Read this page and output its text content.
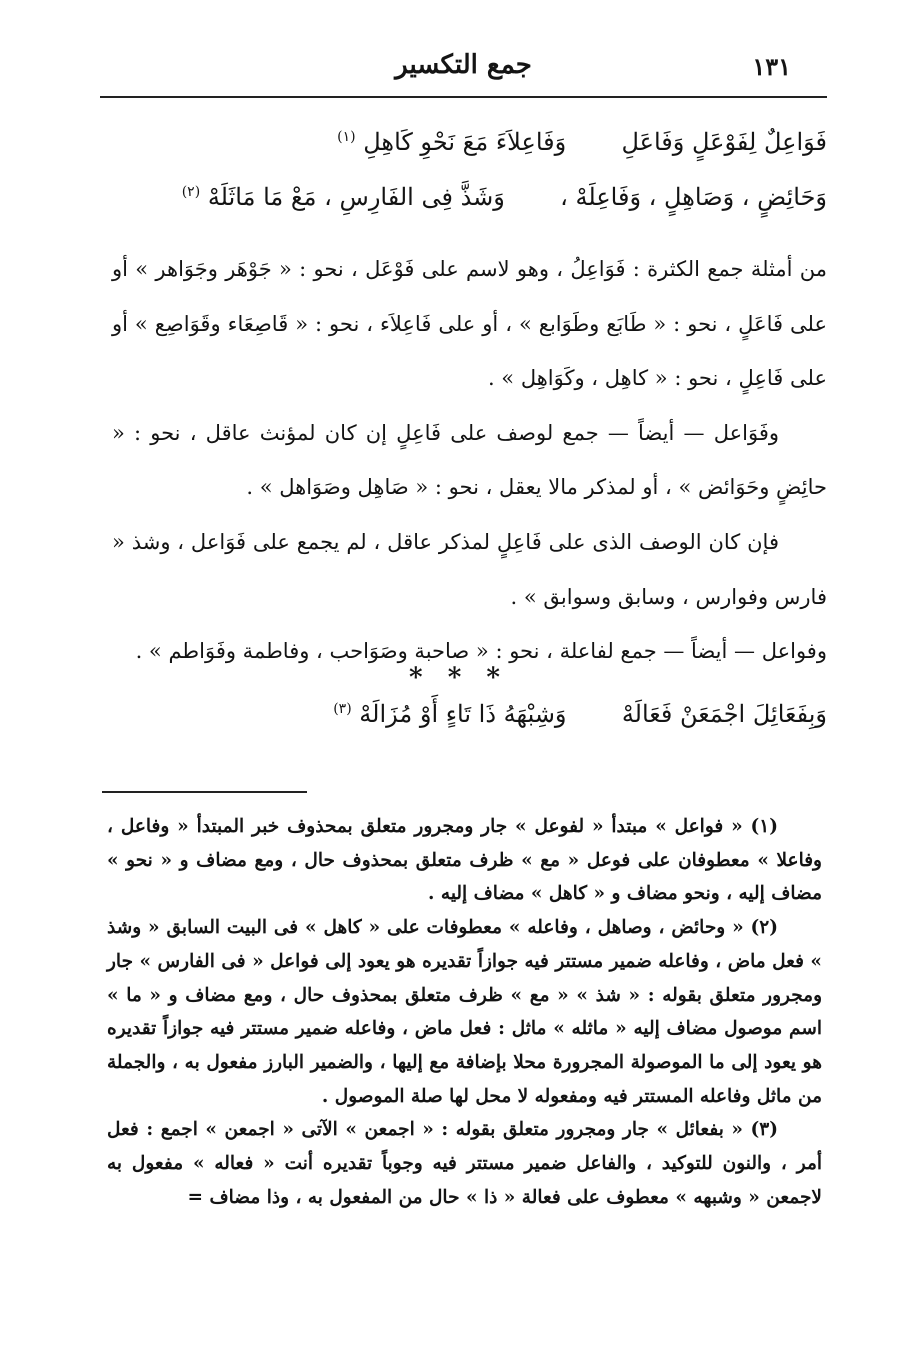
١٣١
جمع التكسير
فَوَاعِلٌ لِفَوْعَلٍ وَفَاعَلِ  وَفَاعِلاَءَ مَعَ نَحْوِ كَاهِلِ $^{(١)}$
وَحَائِضٍ ، وَصَاهِلٍ ، وَفَاعِلَهْ ،  وَشَذَّ فِى الفَارِسِ ، مَعْ مَا مَاثَلَهْ $^{(٢)}$

من أمثلة جمع الكثرة : فَوَاعِلُ ، وهو لاسم على فَوْعَل ، نحو : « جَوْهَر وجَوَاهر » أو على فَاعَلٍ ، نحو : « طَابَع وطَوَابع » ، أو على فَاعِلاَء ، نحو : « قَاصِعَاء وقَوَاصِع » أو على فَاعِلٍ ، نحو : « كاهِل ، وكَوَاهِل » .

وفَوَاعل — أيضاً — جمع لوصف على فَاعِلٍ إن كان لمؤنث عاقل ، نحو : « حائِضٍ وحَوَائض » ، أو لمذكر مالا يعقل ، نحو : « صَاهِل وصَوَاهل » .

فإن كان الوصف الذى على فَاعِلٍ لمذكر عاقل ، لم يجمع على فَوَاعل ، وشذ « فارس وفوارس ، وسابق وسوابق » .

وفواعل — أيضاً — جمع لفاعلة ، نحو : « صاحبة وصَوَاحب ، وفاطمة وفَوَاطم » .

* * *
وَبِفَعَائِلَ اجْمَعَنْ فَعَالَهْ  وَشِبْهَهُ ذَا تَاءٍ أَوْ مُزَالَهْ $^{(٣)}$

(١) « فواعل » مبتدأ « لفوعل » جار ومجرور متعلق بمحذوف خبر المبتدأ « وفاعل ، وفاعلا » معطوفان على فوعل « مع » ظرف متعلق بمحذوف حال ، ومع مضاف و « نحو » مضاف إليه ، ونحو مضاف و « كاهل » مضاف إليه .

(٢) « وحائض ، وصاهل ، وفاعله » معطوفات على « كاهل » فى البيت السابق « وشذ » فعل ماض ، وفاعله ضمير مستتر فيه جوازاً تقديره هو يعود إلى فواعل « فى الفارس » جار ومجرور متعلق بقوله : « شذ » « مع » ظرف متعلق بمحذوف حال ، ومع مضاف و « ما » اسم موصول مضاف إليه « ماثله » ماثل : فعل ماض ، وفاعله ضمير مستتر فيه جوازاً تقديره هو يعود إلى ما الموصولة المجرورة محلا بإضافة مع إليها ، والضمير البارز مفعول به ، والجملة من ماثل وفاعله المستتر فيه ومفعوله لا محل لها صلة الموصول .

(٣) « بفعائل » جار ومجرور متعلق بقوله : « اجمعن » الآتى « اجمعن » اجمع : فعل أمر ، والنون للتوكيد ، والفاعل ضمير مستتر فيه وجوباً تقديره أنت « فعاله » مفعول به لاجمعن « وشبهه » معطوف على فعالة « ذا » حال من المفعول به ، وذا مضاف =
